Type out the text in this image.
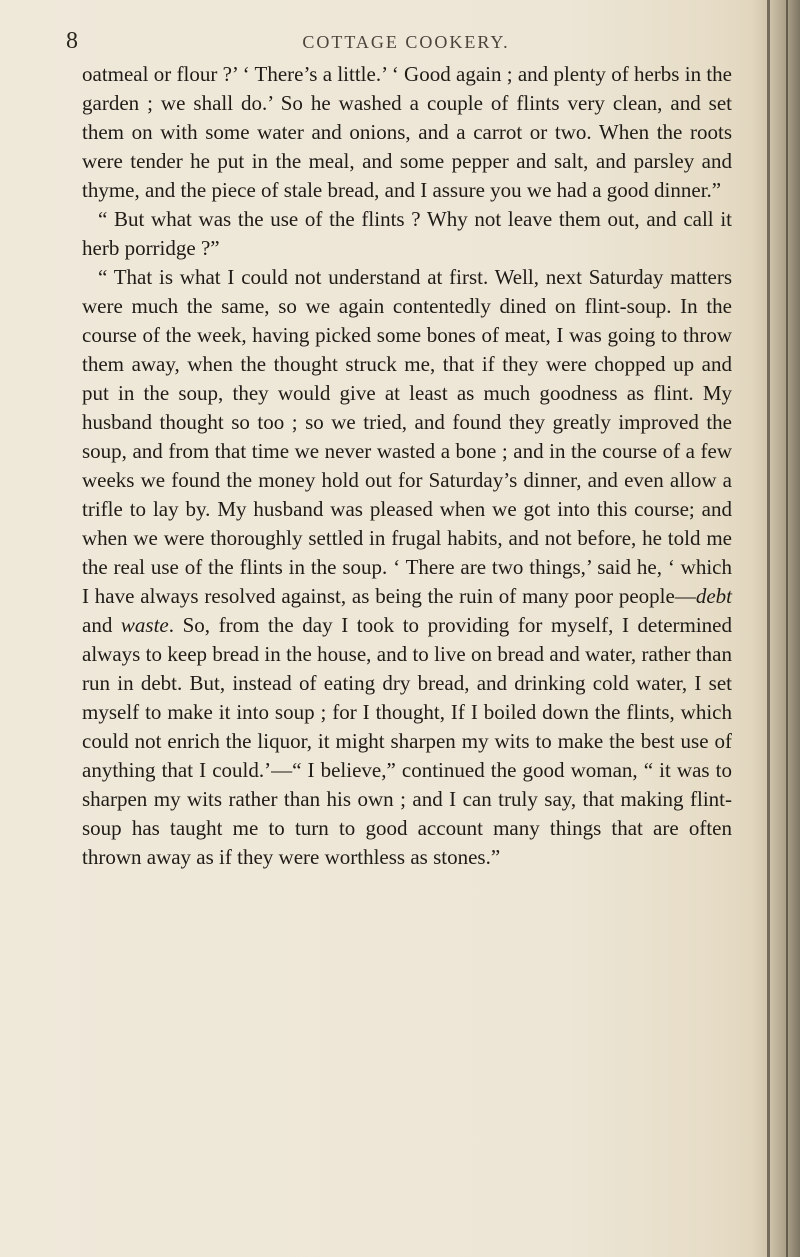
8	COTTAGE COOKERY.

oatmeal or flour ?’ ‘ There’s a little.’ ‘ Good again ; and plenty of herbs in the garden ; we shall do.’ So he washed a couple of flints very clean, and set them on with some water and onions, and a carrot or two. When the roots were tender he put in the meal, and some pepper and salt, and parsley and thyme, and the piece of stale bread, and I assure you we had a good dinner.”

“ But what was the use of the flints ? Why not leave them out, and call it herb porridge ?”

“ That is what I could not understand at first. Well, next Saturday matters were much the same, so we again contentedly dined on flint-soup. In the course of the week, having picked some bones of meat, I was going to throw them away, when the thought struck me, that if they were chopped up and put in the soup, they would give at least as much goodness as flint. My husband thought so too ; so we tried, and found they greatly improved the soup, and from that time we never wasted a bone ; and in the course of a few weeks we found the money hold out for Saturday’s dinner, and even allow a trifle to lay by. My husband was pleased when we got into this course; and when we were thoroughly settled in frugal habits, and not before, he told me the real use of the flints in the soup. ‘ There are two things,’ said he, ‘ which I have always resolved against, as being the ruin of many poor people—debt and waste. So, from the day I took to providing for myself, I determined always to keep bread in the house, and to live on bread and water, rather than run in debt. But, instead of eating dry bread, and drinking cold water, I set myself to make it into soup ; for I thought, If I boiled down the flints, which could not enrich the liquor, it might sharpen my wits to make the best use of anything that I could.’—“ I believe,” continued the good woman, “ it was to sharpen my wits rather than his own ; and I can truly say, that making flint-soup has taught me to turn to good account many things that are often thrown away as if they were worthless as stones.”
